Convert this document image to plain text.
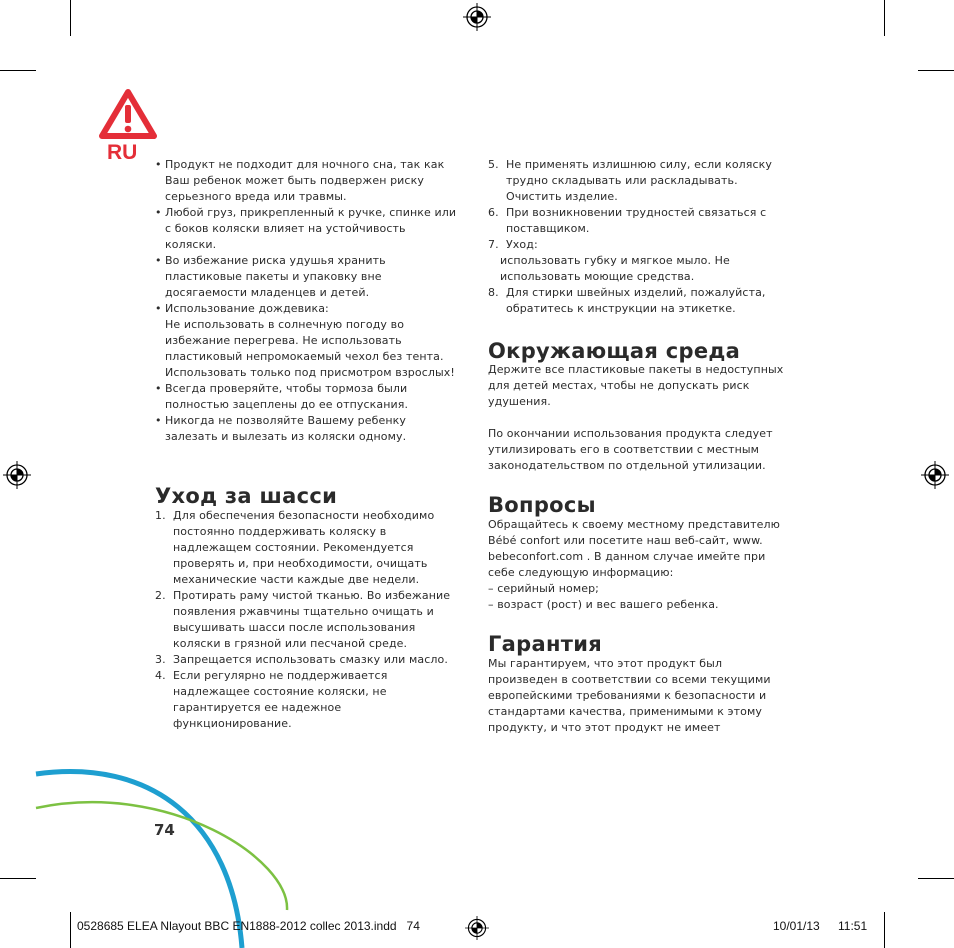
RU
74
• Продукт не подходит для ночного сна, так как Ваш ребенок может быть подвержен риску серьезного вреда или травмы.
• Любой груз, прикрепленный к ручке, спинке или с боков коляски влияет на устойчивость коляски.
• Во избежание риска удушья хранить пластиковые пакеты и упаковку вне досягаемости младенцев и детей.
• Использование дождевика:
Не использовать в солнечную погоду во избежание перегрева. Не использовать пластиковый непромокаемый чехол без тента. Использовать только под присмотром взрослых!
• Всегда проверяйте, чтобы тормоза были полностью зацеплены до ее отпускания.
• Никогда не позволяйте Вашему ребенку залезать и вылезать из коляски одному.
Уход за шасси
1. Для обеспечения безопасности необходимо постоянно поддерживать коляску в надлежащем состоянии. Рекомендуется проверять и, при необходимости, очищать механические части каждые две недели.
2. Протирать раму чистой тканью. Во избежание появления ржавчины тщательно очищать и высушивать шасси после использования коляски в грязной или песчаной среде.
3. Запрещается использовать смазку или масло.
4. Если регулярно не поддерживается надлежащее состояние коляски, не гарантируется ее надежное функционирование.
5. Не применять излишнюю силу, если коляску трудно складывать или раскладывать. Очистить изделие.
6. При возникновении трудностей связаться с поставщиком.
7. Уход:
использовать губку и мягкое мыло. Не использовать моющие средства.
8. Для стирки швейных изделий, пожалуйста, обратитесь к инструкции на этикетке.
Окружающая среда
Держите все пластиковые пакеты в недоступных для детей местах, чтобы не допускать риск удушения.
По окончании использования продукта следует утилизировать его в соответствии с местным законодательством по отдельной утилизации.
Вопросы
Обращайтесь к своему местному представителю Bébé confort или посетите наш веб-сайт, www. bebeconfort.com . В данном случае имейте при себе следующую информацию:
– серийный номер;
– возраст (рост) и вес вашего ребенка.
Гарантия
Мы гарантируем, что этот продукт был произведен в соответствии со всеми текущими европейскими требованиями к безопасности и стандартами качества, применимыми к этому продукту, и что этот продукт не имеет
0528685 ELEA Nlayout BBC EN1888-2012 collec 2013.indd   74	10/01/13 11:51
